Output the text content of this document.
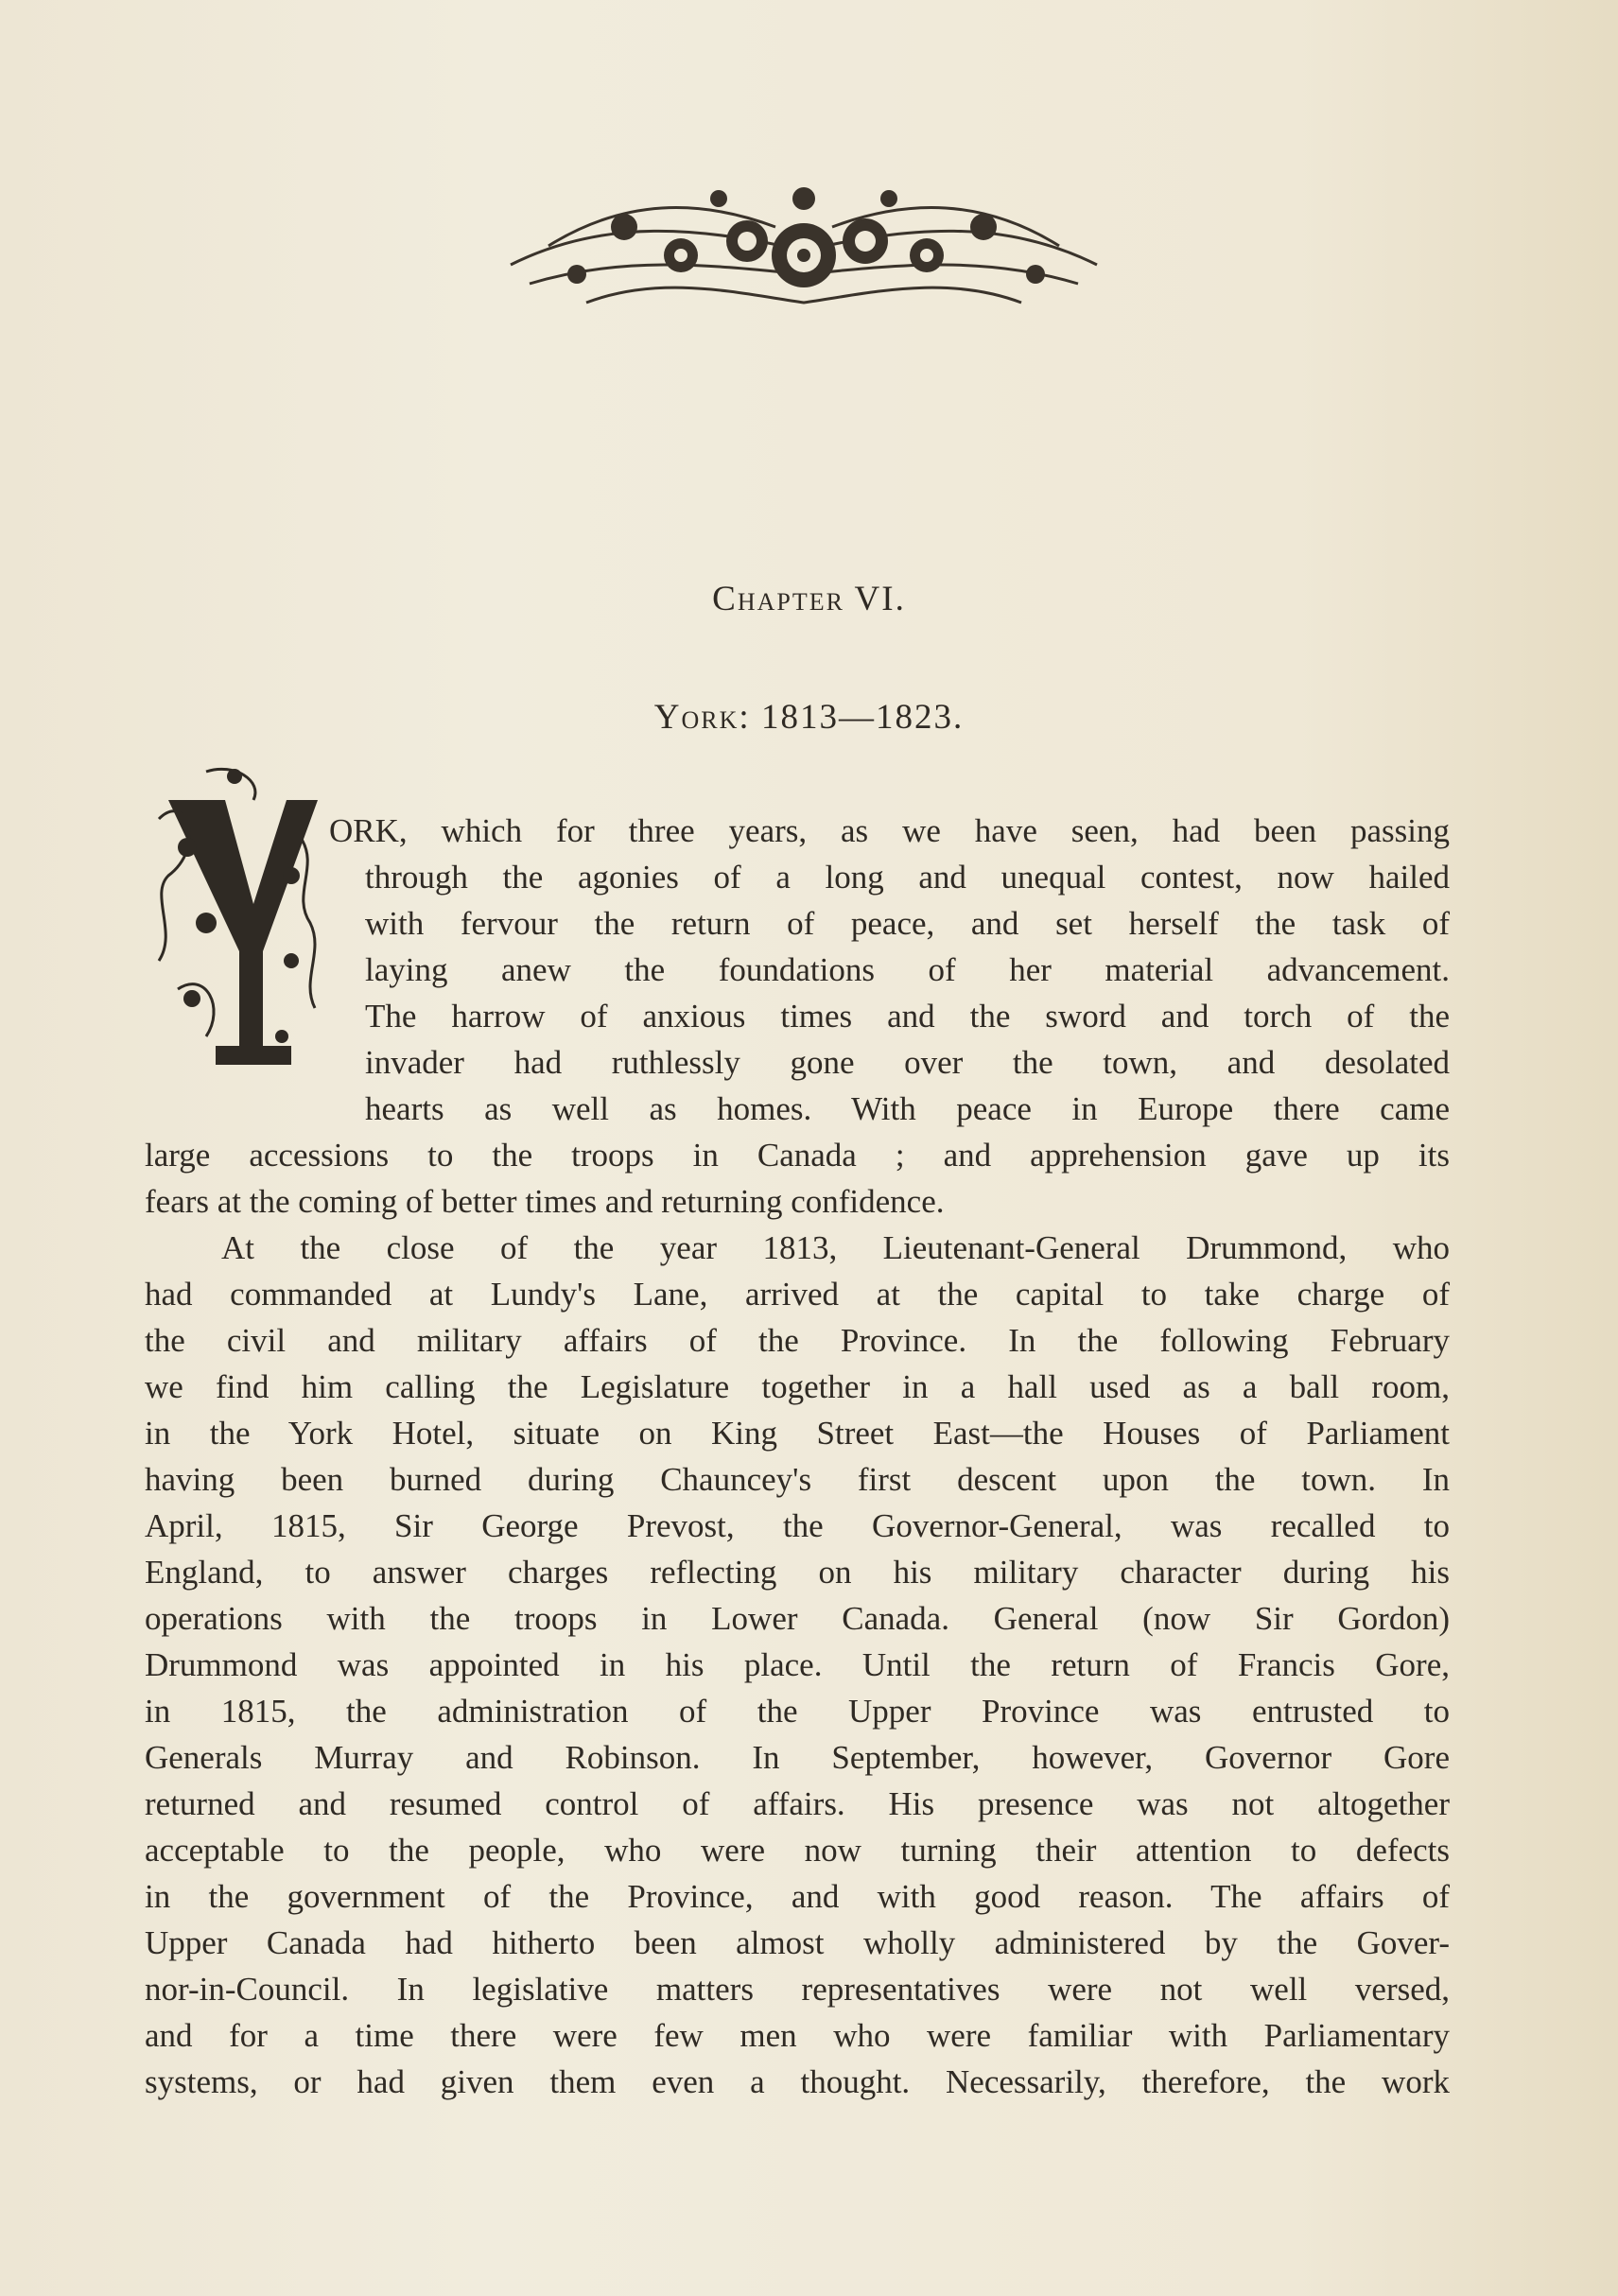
Chapter VI.
York: 1813—1823.
ORK, which for three years, as we have seen, had been passing
through the agonies of a long and unequal contest, now hailed
with fervour the return of peace, and set herself the task of
laying anew the foundations of her material advancement.
The harrow of anxious times and the sword and torch of the
invader had ruthlessly gone over the town, and desolated
hearts as well as homes. With peace in Europe there came
large accessions to the troops in Canada ; and apprehension gave up its
fears at the coming of better times and returning confidence.
At the close of the year 1813, Lieutenant-General Drummond, who
had commanded at Lundy's Lane, arrived at the capital to take charge of
the civil and military affairs of the Province. In the following February
we find him calling the Legislature together in a hall used as a ball room,
in the York Hotel, situate on King Street East—the Houses of Parliament
having been burned during Chauncey's first descent upon the town. In
April, 1815, Sir George Prevost, the Governor-General, was recalled to
England, to answer charges reflecting on his military character during his
operations with the troops in Lower Canada. General (now Sir Gordon)
Drummond was appointed in his place. Until the return of Francis Gore,
in 1815, the administration of the Upper Province was entrusted to
Generals Murray and Robinson. In September, however, Governor Gore
returned and resumed control of affairs. His presence was not altogether
acceptable to the people, who were now turning their attention to defects
in the government of the Province, and with good reason. The affairs of
Upper Canada had hitherto been almost wholly administered by the Gover-
nor-in-Council. In legislative matters representatives were not well versed,
and for a time there were few men who were familiar with Parliamentary
systems, or had given them even a thought. Necessarily, therefore, the work
